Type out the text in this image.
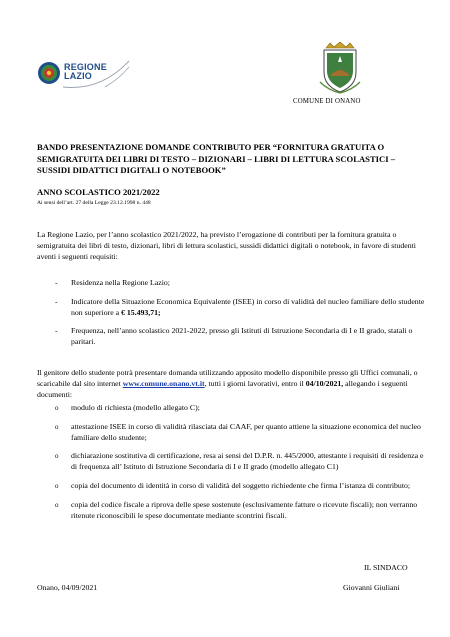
REGIONE
LAZIO
COMUNE DI ONANO
BANDO PRESENTAZIONE DOMANDE CONTRIBUTO PER “FORNITURA GRATUITA O SEMIGRATUITA DEI LIBRI DI TESTO – DIZIONARI – LIBRI DI LETTURA SCOLASTICI – SUSSIDI DIDATTICI DIGITALI O NOTEBOOK”
ANNO SCOLASTICO 2021/2022
Ai sensi dell’art. 27 della Legge 23.12.1998 n. 448
La Regione Lazio, per l’anno scolastico 2021/2022, ha previsto l’erogazione di contributi per la fornitura gratuita o semigratuita dei libri di testo, dizionari, libri di lettura scolastici, sussidi didattici digitali o notebook, in favore di studenti aventi i seguenti requisiti:
- Residenza nella Regione Lazio;
- Indicatore della Situazione Economica Equivalente (ISEE) in corso di validità del nucleo familiare dello studente non superiore a € 15.493,71;
- Frequenza, nell’anno scolastico 2021-2022, presso gli Istituti di Istruzione Secondaria di I e II grado, statali o paritari.
Il genitore dello studente potrà presentare domanda utilizzando apposito modello disponibile presso gli Uffici comunali, o scaricabile dal sito internet www.comune.onano.vt.it, tutti i giorni lavorativi, entro il 04/10/2021, allegando i seguenti documenti:
o modulo di richiesta (modello allegato C);
o attestazione ISEE in corso di validità rilasciata dai CAAF, per quanto attiene la situazione economica del nucleo familiare dello studente;
o dichiarazione sostitutiva di certificazione, resa ai sensi del D.P.R. n. 445/2000, attestante i requisiti di residenza e di frequenza all’ Istituto di Istruzione Secondaria di I e II grado (modello allegato C1)
o copia del documento di identità in corso di validità del soggetto richiedente che firma l’istanza di contributo;
o copia del codice fiscale a riprova delle spese sostenute (esclusivamente fatture o ricevute fiscali); non verranno ritenute riconoscibili le spese documentate mediante scontrini fiscali.
IL SINDACO
Onano, 04/09/2021	Giovanni Giuliani
